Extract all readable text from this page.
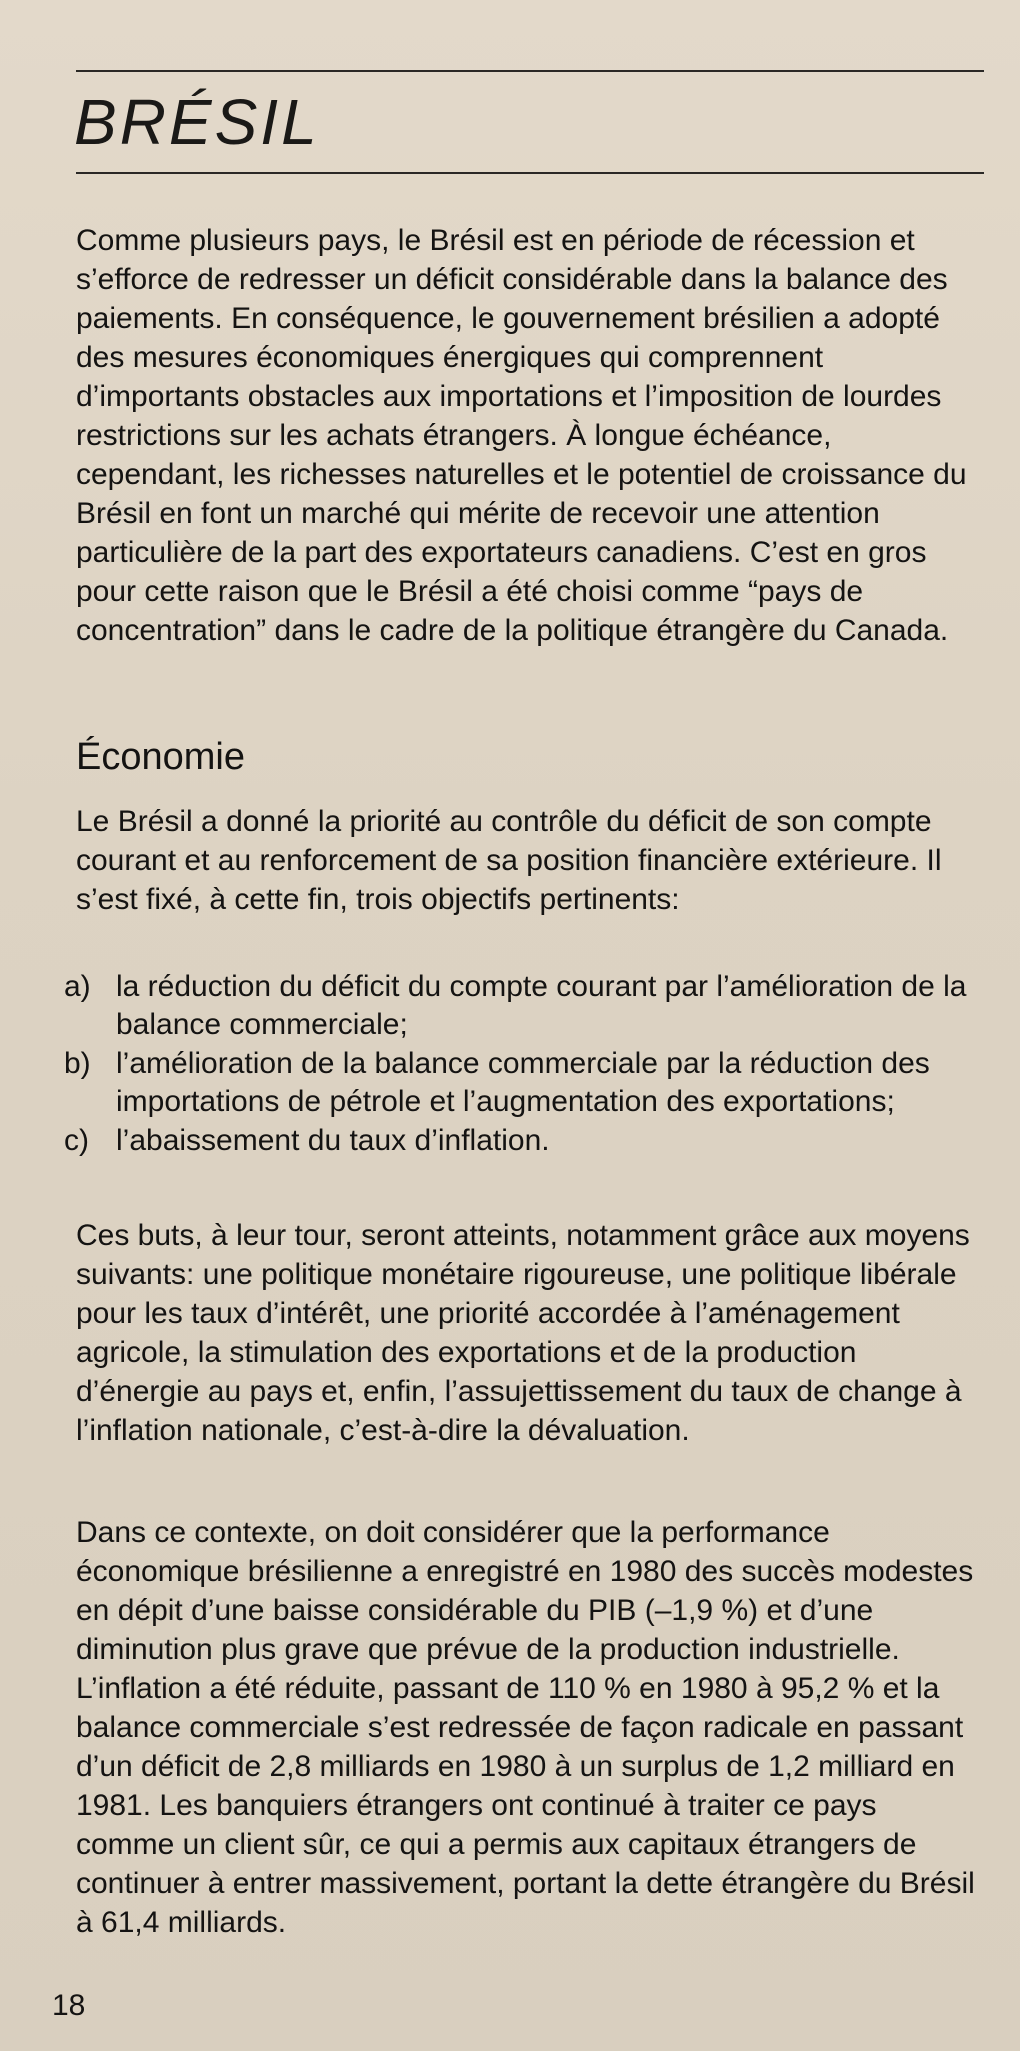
BRÉSIL

Comme plusieurs pays, le Brésil est en période de récession et s’efforce de redresser un déficit considérable dans la balance des paiements. En conséquence, le gouvernement brésilien a adopté des mesures économiques énergiques qui comprennent d’importants obstacles aux importations et l’imposition de lourdes restrictions sur les achats étrangers. À longue échéance, cependant, les richesses naturelles et le potentiel de croissance du Brésil en font un marché qui mérite de recevoir une attention particulière de la part des exportateurs canadiens. C’est en gros pour cette raison que le Brésil a été choisi comme “pays de concentration” dans le cadre de la politique étrangère du Canada.

Économie

Le Brésil a donné la priorité au contrôle du déficit de son compte courant et au renforcement de sa position financière extérieure. Il s’est fixé, à cette fin, trois objectifs pertinents:

a) la réduction du déficit du compte courant par l’amélioration de la balance commerciale;
b) l’amélioration de la balance commerciale par la réduction des importations de pétrole et l’augmentation des exportations;
c) l’abaissement du taux d’inflation.

Ces buts, à leur tour, seront atteints, notamment grâce aux moyens suivants: une politique monétaire rigoureuse, une politique libérale pour les taux d’intérêt, une priorité accordée à l’aménagement agricole, la stimulation des exportations et de la production d’énergie au pays et, enfin, l’assujettissement du taux de change à l’inflation nationale, c’est-à-dire la dévaluation.

Dans ce contexte, on doit considérer que la performance économique brésilienne a enregistré en 1980 des succès modestes en dépit d’une baisse considérable du PIB (–1,9 %) et d’une diminution plus grave que prévue de la production industrielle. L’inflation a été réduite, passant de 110 % en 1980 à 95,2 % et la balance commerciale s’est redressée de façon radicale en passant d’un déficit de 2,8 milliards en 1980 à un surplus de 1,2 milliard en 1981. Les banquiers étrangers ont continué à traiter ce pays comme un client sûr, ce qui a permis aux capitaux étrangers de continuer à entrer massivement, portant la dette étrangère du Brésil à 61,4 milliards.

18
